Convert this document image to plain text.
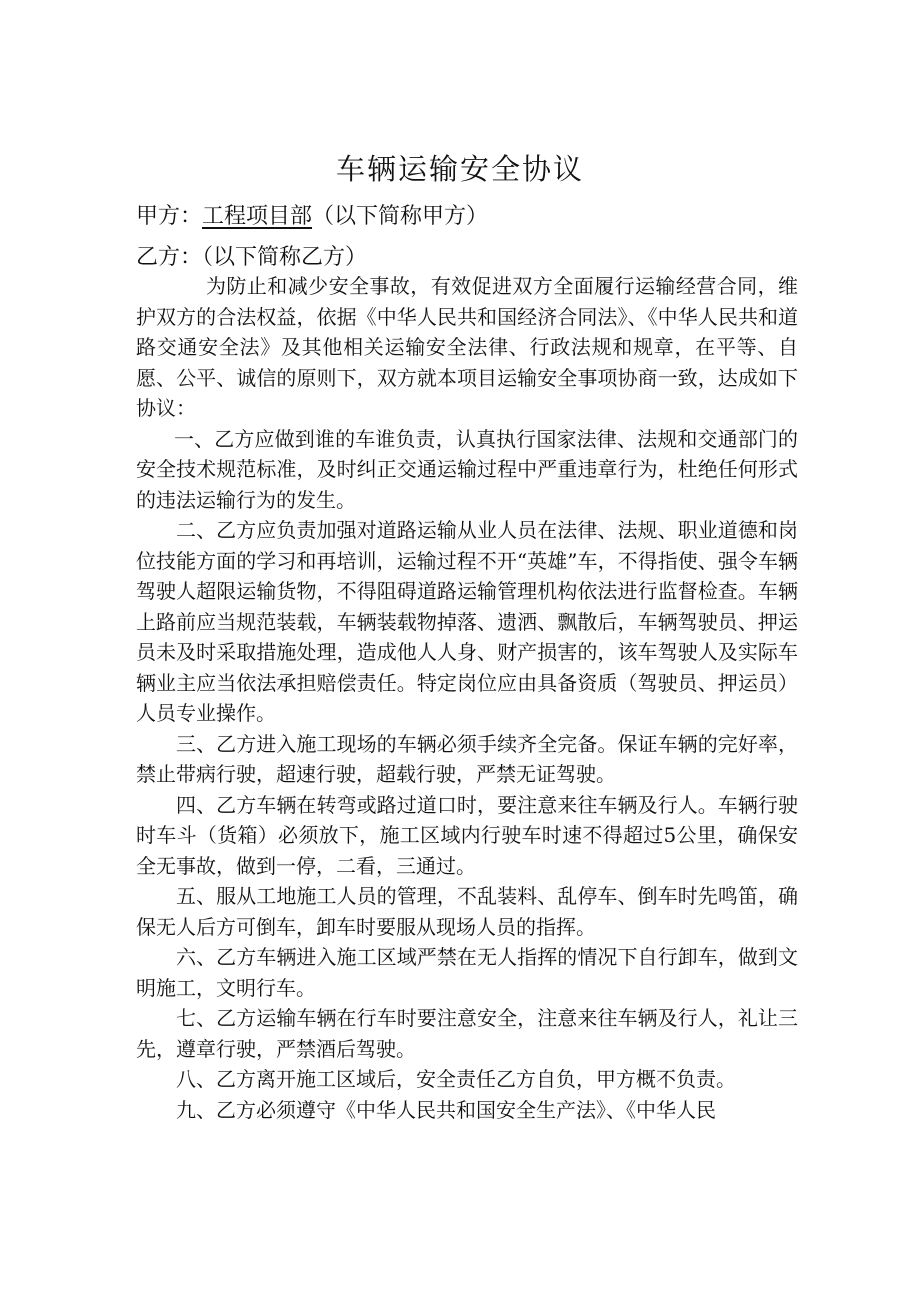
车辆运输安全协议
甲方：工程项目部（以下简称甲方）
乙方：（以下简称乙方）

为防止和减少安全事故，有效促进双方全面履行运输经营合同，维护双方的合法权益，依据《中华人民共和国经济合同法》、《中华人民共和道路交通安全法》及其他相关运输安全法律、行政法规和规章，在平等、自愿、公平、诚信的原则下，双方就本项目运输安全事项协商一致，达成如下协议：

一、乙方应做到谁的车谁负责，认真执行国家法律、法规和交通部门的安全技术规范标准，及时纠正交通运输过程中严重违章行为，杜绝任何形式的违法运输行为的发生。

二、乙方应负责加强对道路运输从业人员在法律、法规、职业道德和岗位技能方面的学习和再培训，运输过程不开“英雄”车，不得指使、强令车辆驾驶人超限运输货物，不得阻碍道路运输管理机构依法进行监督检查。车辆上路前应当规范装载，车辆装载物掉落、遗洒、飘散后，车辆驾驶员、押运员未及时采取措施处理，造成他人人身、财产损害的，该车驾驶人及实际车辆业主应当依法承担赔偿责任。特定岗位应由具备资质（驾驶员、押运员）人员专业操作。

三、乙方进入施工现场的车辆必须手续齐全完备。保证车辆的完好率，禁止带病行驶，超速行驶，超载行驶，严禁无证驾驶。

四、乙方车辆在转弯或路过道口时，要注意来往车辆及行人。车辆行驶时车斗（货箱）必须放下，施工区域内行驶车时速不得超过5公里，确保安全无事故，做到一停，二看，三通过。

五、服从工地施工人员的管理，不乱装料、乱停车、倒车时先鸣笛，确保无人后方可倒车，卸车时要服从现场人员的指挥。

六、乙方车辆进入施工区域严禁在无人指挥的情况下自行卸车，做到文明施工，文明行车。

七、乙方运输车辆在行车时要注意安全，注意来往车辆及行人，礼让三先，遵章行驶，严禁酒后驾驶。

八、乙方离开施工区域后，安全责任乙方自负，甲方概不负责。

九、乙方必须遵守《中华人民共和国安全生产法》、《中华人民
